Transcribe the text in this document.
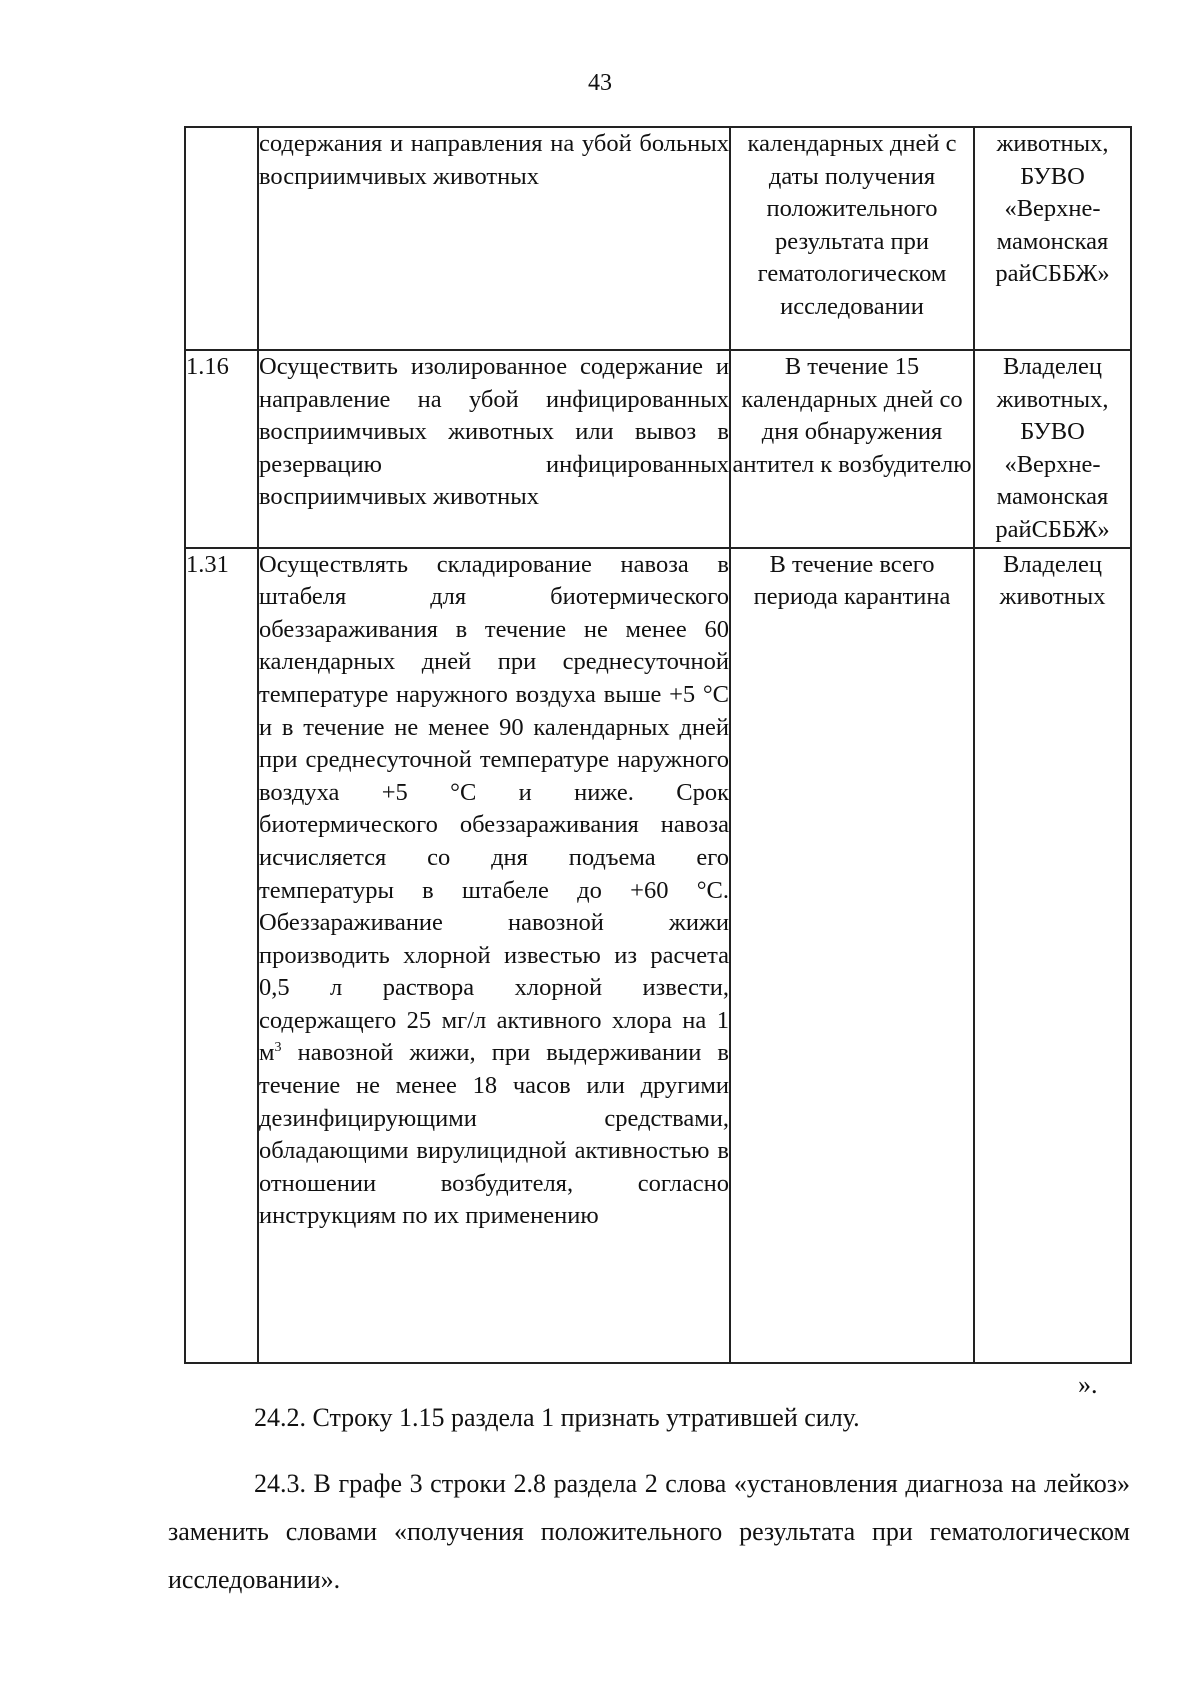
43
	содержания и направления на убой больных восприимчивых животных	календарных дней с даты получения положительного результата при гематологическом исследовании	животных, БУВО «Верхне-мамонская райСББЖ»
1.16	Осуществить изолированное содержание и направление на убой инфицированных восприимчивых животных или вывоз в резервацию инфицированных восприимчивых животных	В течение 15 календарных дней со дня обнаружения антител к возбудителю	Владелец животных, БУВО «Верхне-мамонская райСББЖ»
1.31	Осуществлять складирование навоза в штабеля для биотермического обеззараживания в течение не менее 60 календарных дней при среднесуточной температуре наружного воздуха выше +5 °С и в течение не менее 90 календарных дней при среднесуточной температуре наружного воздуха +5 °С и ниже. Срок биотермического обеззараживания навоза исчисляется со дня подъема его температуры в штабеле до +60 °С. Обеззараживание навозной жижи производить хлорной известью из расчета 0,5 л раствора хлорной извести, содержащего 25 мг/л активного хлора на 1 $м^3$ навозной жижи, при выдерживании в течение не менее 18 часов или другими дезинфицирующими средствами, обладающими вирулицидной активностью в отношении возбудителя, согласно инструкциям по их применению	В течение всего периода карантина	Владелец животных
».

24.2. Строку 1.15 раздела 1 признать утратившей силу.

24.3. В графе 3 строки 2.8 раздела 2 слова «установления диагноза на лейкоз» заменить словами «получения положительного результата при гематологическом исследовании».
